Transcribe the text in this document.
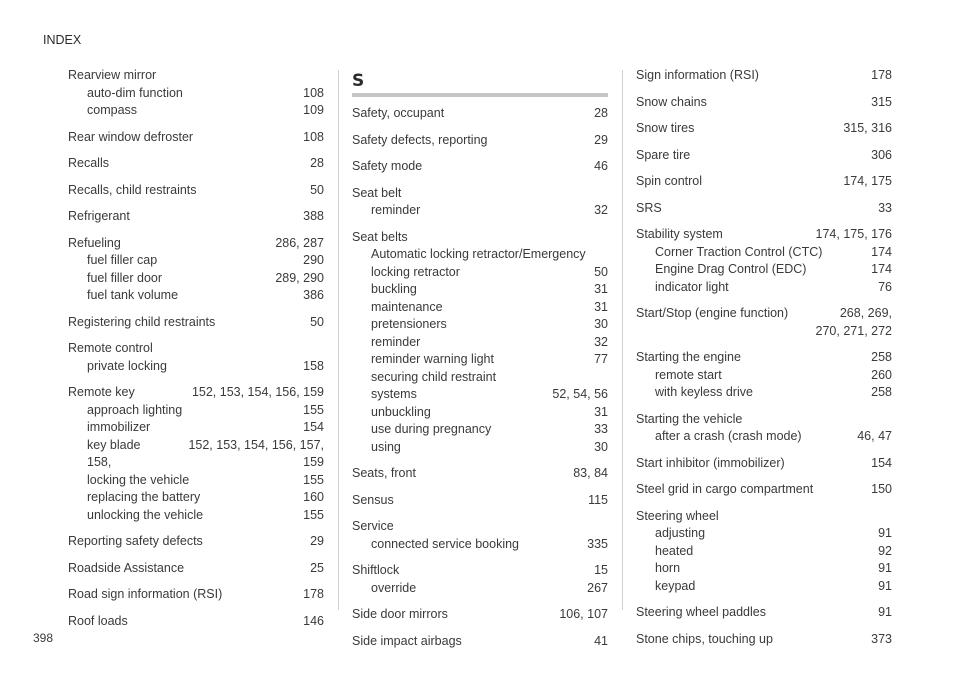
INDEX
Rearview mirror
auto-dim function	108
compass	109
Rear window defroster	108
Recalls	28
Recalls, child restraints	50
Refrigerant	388
Refueling	286, 287
fuel filler cap	290
fuel filler door	289, 290
fuel tank volume	386
Registering child restraints	50
Remote control
private locking	158
Remote key	152, 153, 154, 156, 159
approach lighting	155
immobilizer	154
key blade	152, 153, 154, 156, 157,
158,	159
locking the vehicle	155
replacing the battery	160
unlocking the vehicle	155
Reporting safety defects	29
Roadside Assistance	25
Road sign information (RSI)	178
Roof loads	146
S
Safety, occupant	28
Safety defects, reporting	29
Safety mode	46
Seat belt
reminder	32
Seat belts
Automatic locking retractor/Emergency
locking retractor	50
buckling	31
maintenance	31
pretensioners	30
reminder	32
reminder warning light	77
securing child restraint systems	52, 54, 56
unbuckling	31
use during pregnancy	33
using	30
Seats, front	83, 84
Sensus	115
Service
connected service booking	335
Shiftlock	15
override	267
Side door mirrors	106, 107
Side impact airbags	41
Sign information (RSI)	178
Snow chains	315
Snow tires	315, 316
Spare tire	306
Spin control	174, 175
SRS	33
Stability system	174, 175, 176
Corner Traction Control (CTC)	174
Engine Drag Control (EDC)	174
indicator light	76
Start/Stop (engine function)	268, 269,
270, 271, 272
Starting the engine	258
remote start	260
with keyless drive	258
Starting the vehicle
after a crash (crash mode)	46, 47
Start inhibitor (immobilizer)	154
Steel grid in cargo compartment	150
Steering wheel
adjusting	91
heated	92
horn	91
keypad	91
Steering wheel paddles	91
Stone chips, touching up	373
398
